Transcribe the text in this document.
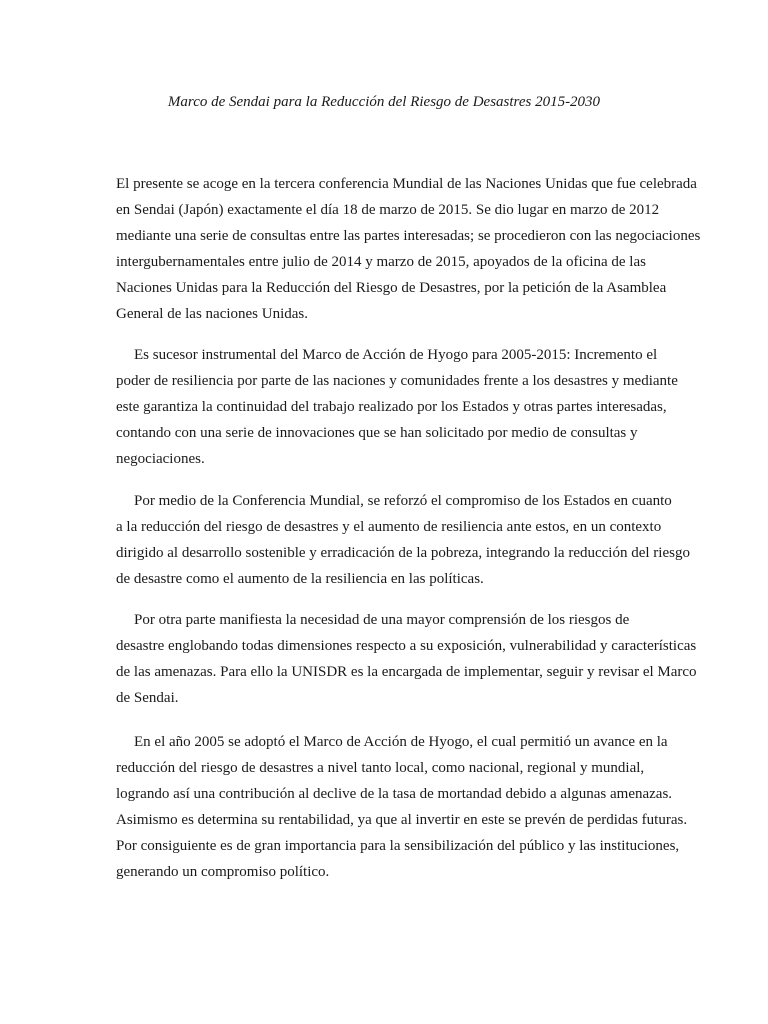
Marco de Sendai para la Reducción del Riesgo de Desastres 2015-2030

El presente se acoge en la tercera conferencia Mundial de las Naciones Unidas que fue celebrada
en Sendai (Japón) exactamente el día 18 de marzo de 2015. Se dio lugar en marzo de 2012
mediante una serie de consultas entre las partes interesadas; se procedieron con las negociaciones
intergubernamentales entre julio de 2014 y marzo de 2015, apoyados de la oficina de las
Naciones Unidas para la Reducción del Riesgo de Desastres, por la petición de la Asamblea
General de las naciones Unidas.

Es sucesor instrumental del Marco de Acción de Hyogo para 2005-2015: Incremento el
poder de resiliencia por parte de las naciones y comunidades frente a los desastres y mediante
este garantiza la continuidad del trabajo realizado por los Estados y otras partes interesadas,
contando con una serie de innovaciones que se han solicitado por medio de consultas y
negociaciones.

Por medio de la Conferencia Mundial, se reforzó el compromiso de los Estados en cuanto
a la reducción del riesgo de desastres y el aumento de resiliencia ante estos, en un contexto
dirigido al desarrollo sostenible y erradicación de la pobreza, integrando la reducción del riesgo
de desastre como el aumento de la resiliencia en las políticas.

Por otra parte manifiesta la necesidad de una mayor comprensión de los riesgos de
desastre englobando todas dimensiones respecto a su exposición, vulnerabilidad y características
de las amenazas. Para ello la UNISDR es la encargada de implementar, seguir y revisar el Marco
de Sendai.

En el año 2005 se adoptó el Marco de Acción de Hyogo, el cual permitió un avance en la
reducción del riesgo de desastres a nivel tanto local, como nacional, regional y mundial,
logrando así una contribución al declive de la tasa de mortandad debido a algunas amenazas.
Asimismo es determina su rentabilidad, ya que al invertir en este se prevén de perdidas futuras.
Por consiguiente es de gran importancia para la sensibilización del público y las instituciones,
generando un compromiso político.
